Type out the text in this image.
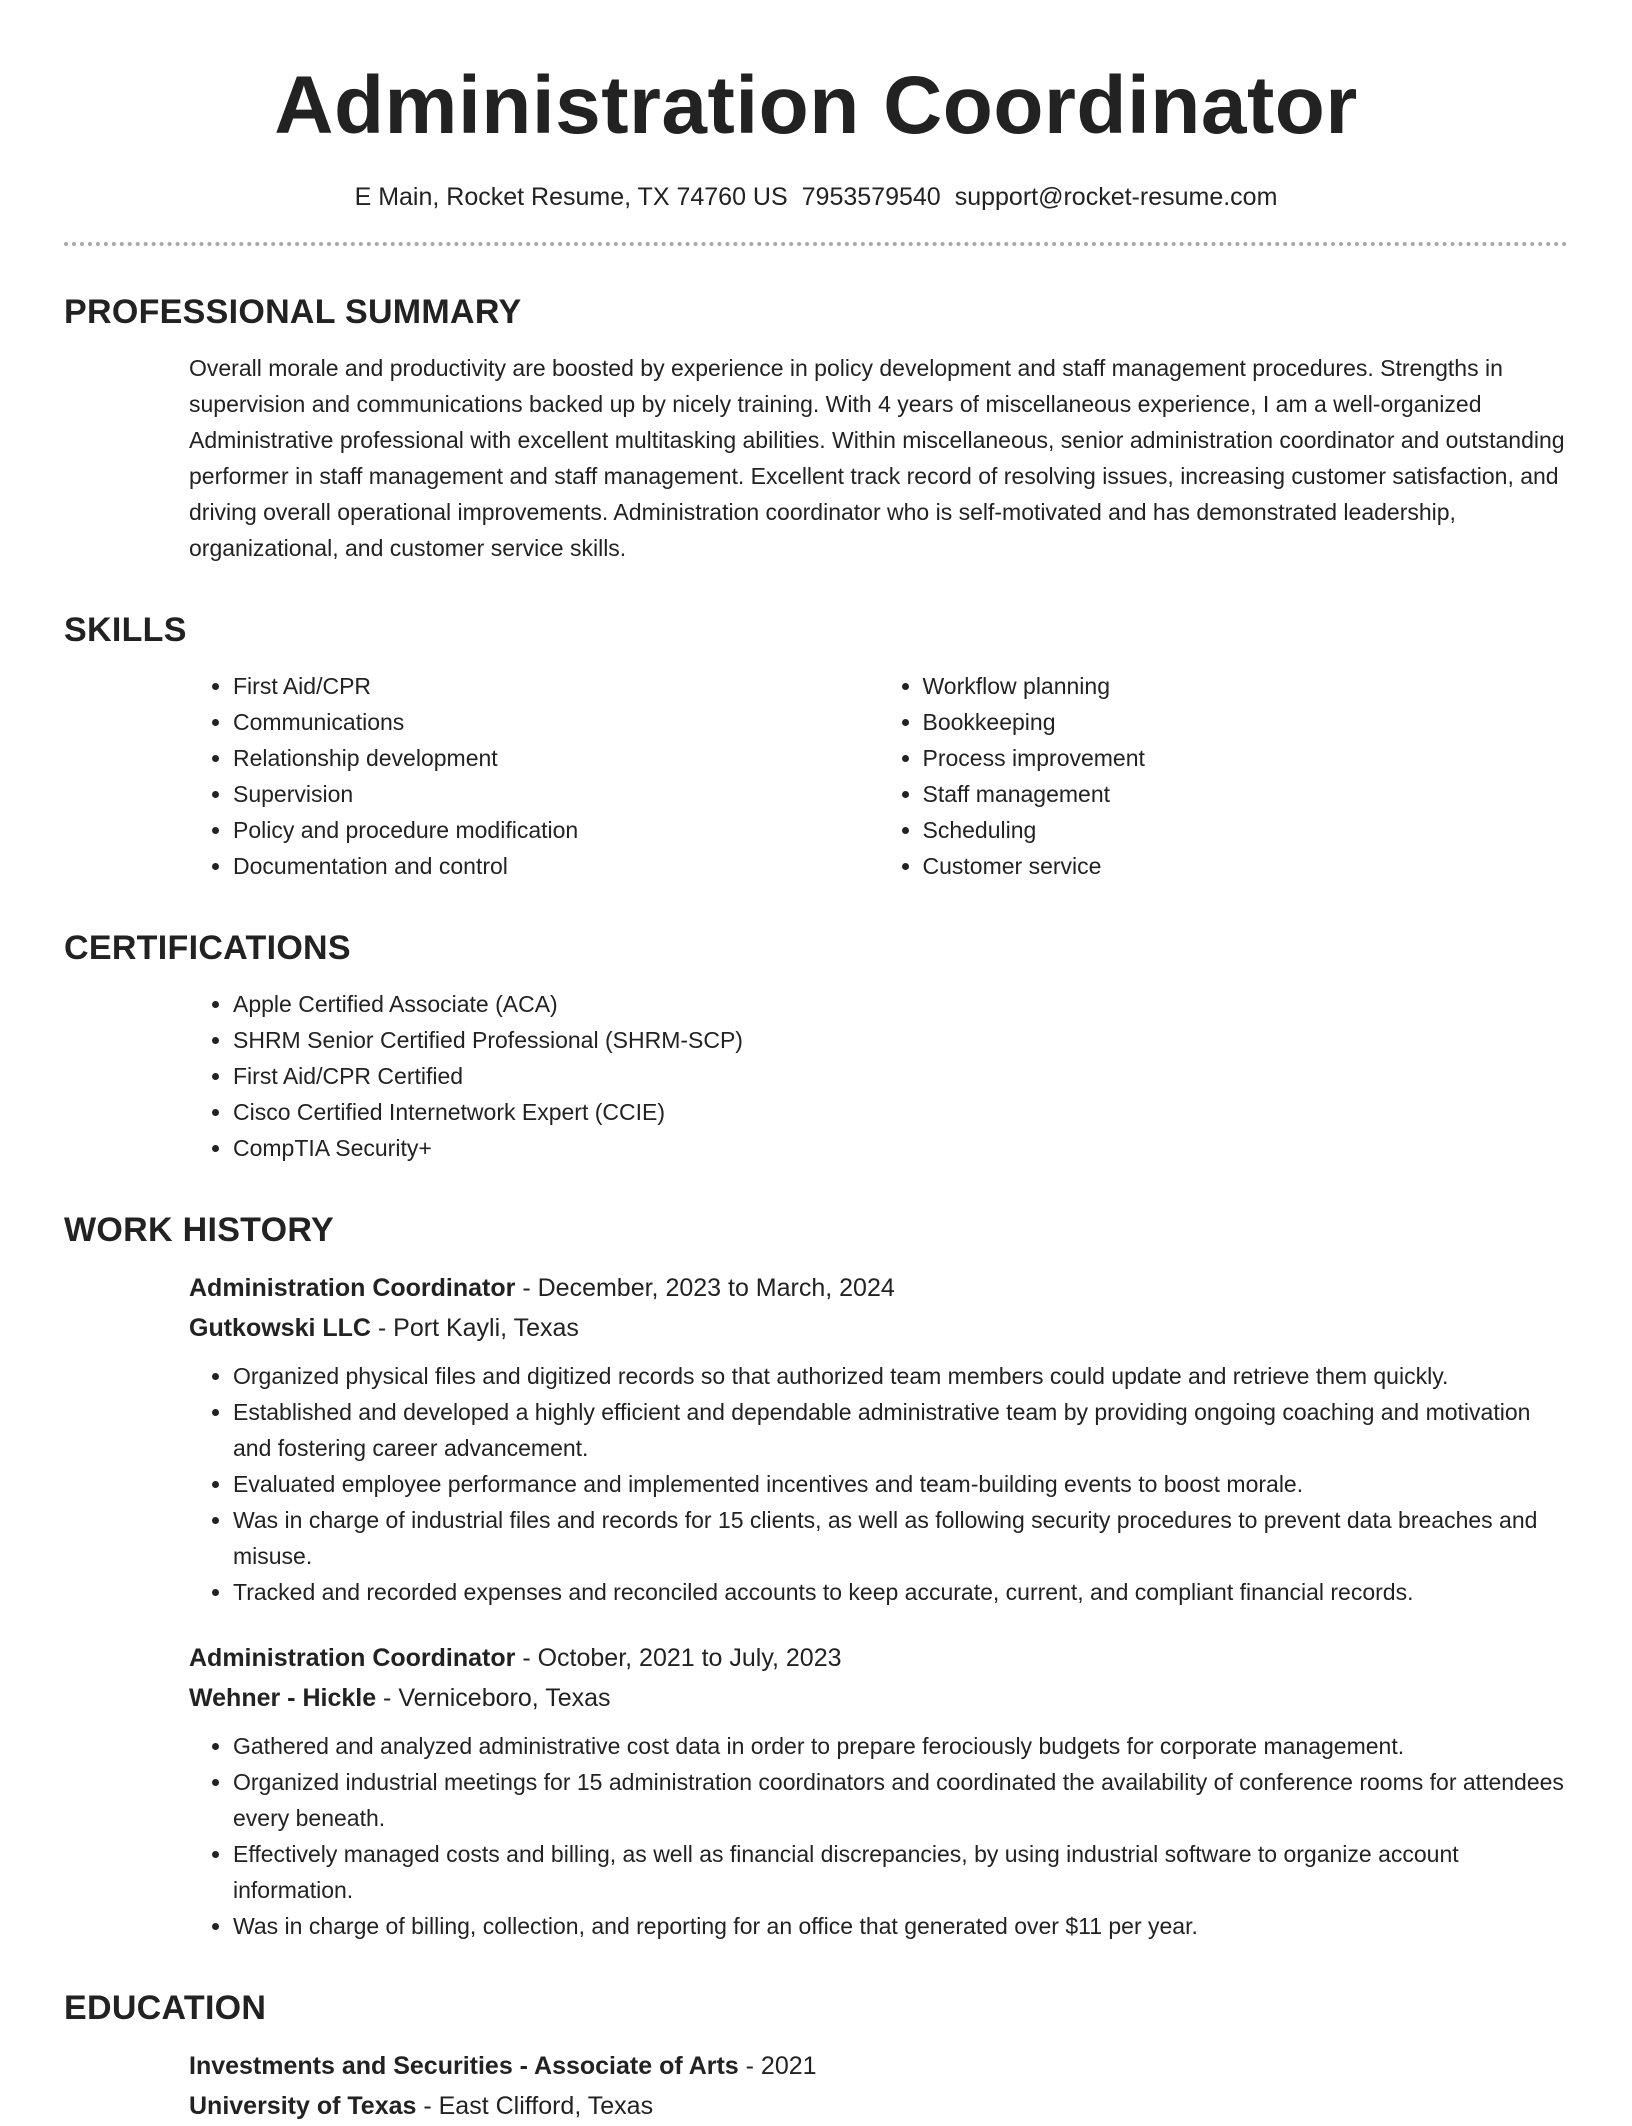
Administration Coordinator
E Main, Rocket Resume, TX 74760 US 7953579540 support@rocket-resume.com
PROFESSIONAL SUMMARY

Overall morale and productivity are boosted by experience in policy development and staff management procedures. Strengths in supervision and communications backed up by nicely training. With 4 years of miscellaneous experience, I am a well-organized Administrative professional with excellent multitasking abilities. Within miscellaneous, senior administration coordinator and outstanding performer in staff management and staff management. Excellent track record of resolving issues, increasing customer satisfaction, and driving overall operational improvements. Administration coordinator who is self-motivated and has demonstrated leadership, organizational, and customer service skills.

SKILLS
• First Aid/CPR
• Communications
• Relationship development
• Supervision
• Policy and procedure modification
• Documentation and control
• Workflow planning
• Bookkeeping
• Process improvement
• Staff management
• Scheduling
• Customer service
CERTIFICATIONS
• Apple Certified Associate (ACA)
• SHRM Senior Certified Professional (SHRM-SCP)
• First Aid/CPR Certified
• Cisco Certified Internetwork Expert (CCIE)
• CompTIA Security+
WORK HISTORY
Administration Coordinator - December, 2023 to March, 2024
Gutkowski LLC - Port Kayli, Texas
• Organized physical files and digitized records so that authorized team members could update and retrieve them quickly.
• Established and developed a highly efficient and dependable administrative team by providing ongoing coaching and motivation and fostering career advancement.
• Evaluated employee performance and implemented incentives and team-building events to boost morale.
• Was in charge of industrial files and records for 15 clients, as well as following security procedures to prevent data breaches and misuse.
• Tracked and recorded expenses and reconciled accounts to keep accurate, current, and compliant financial records.
Administration Coordinator - October, 2021 to July, 2023
Wehner - Hickle - Verniceboro, Texas
• Gathered and analyzed administrative cost data in order to prepare ferociously budgets for corporate management.
• Organized industrial meetings for 15 administration coordinators and coordinated the availability of conference rooms for attendees every beneath.
• Effectively managed costs and billing, as well as financial discrepancies, by using industrial software to organize account information.
• Was in charge of billing, collection, and reporting for an office that generated over $11 per year.
EDUCATION
Investments and Securities - Associate of Arts - 2021
University of Texas - East Clifford, Texas
